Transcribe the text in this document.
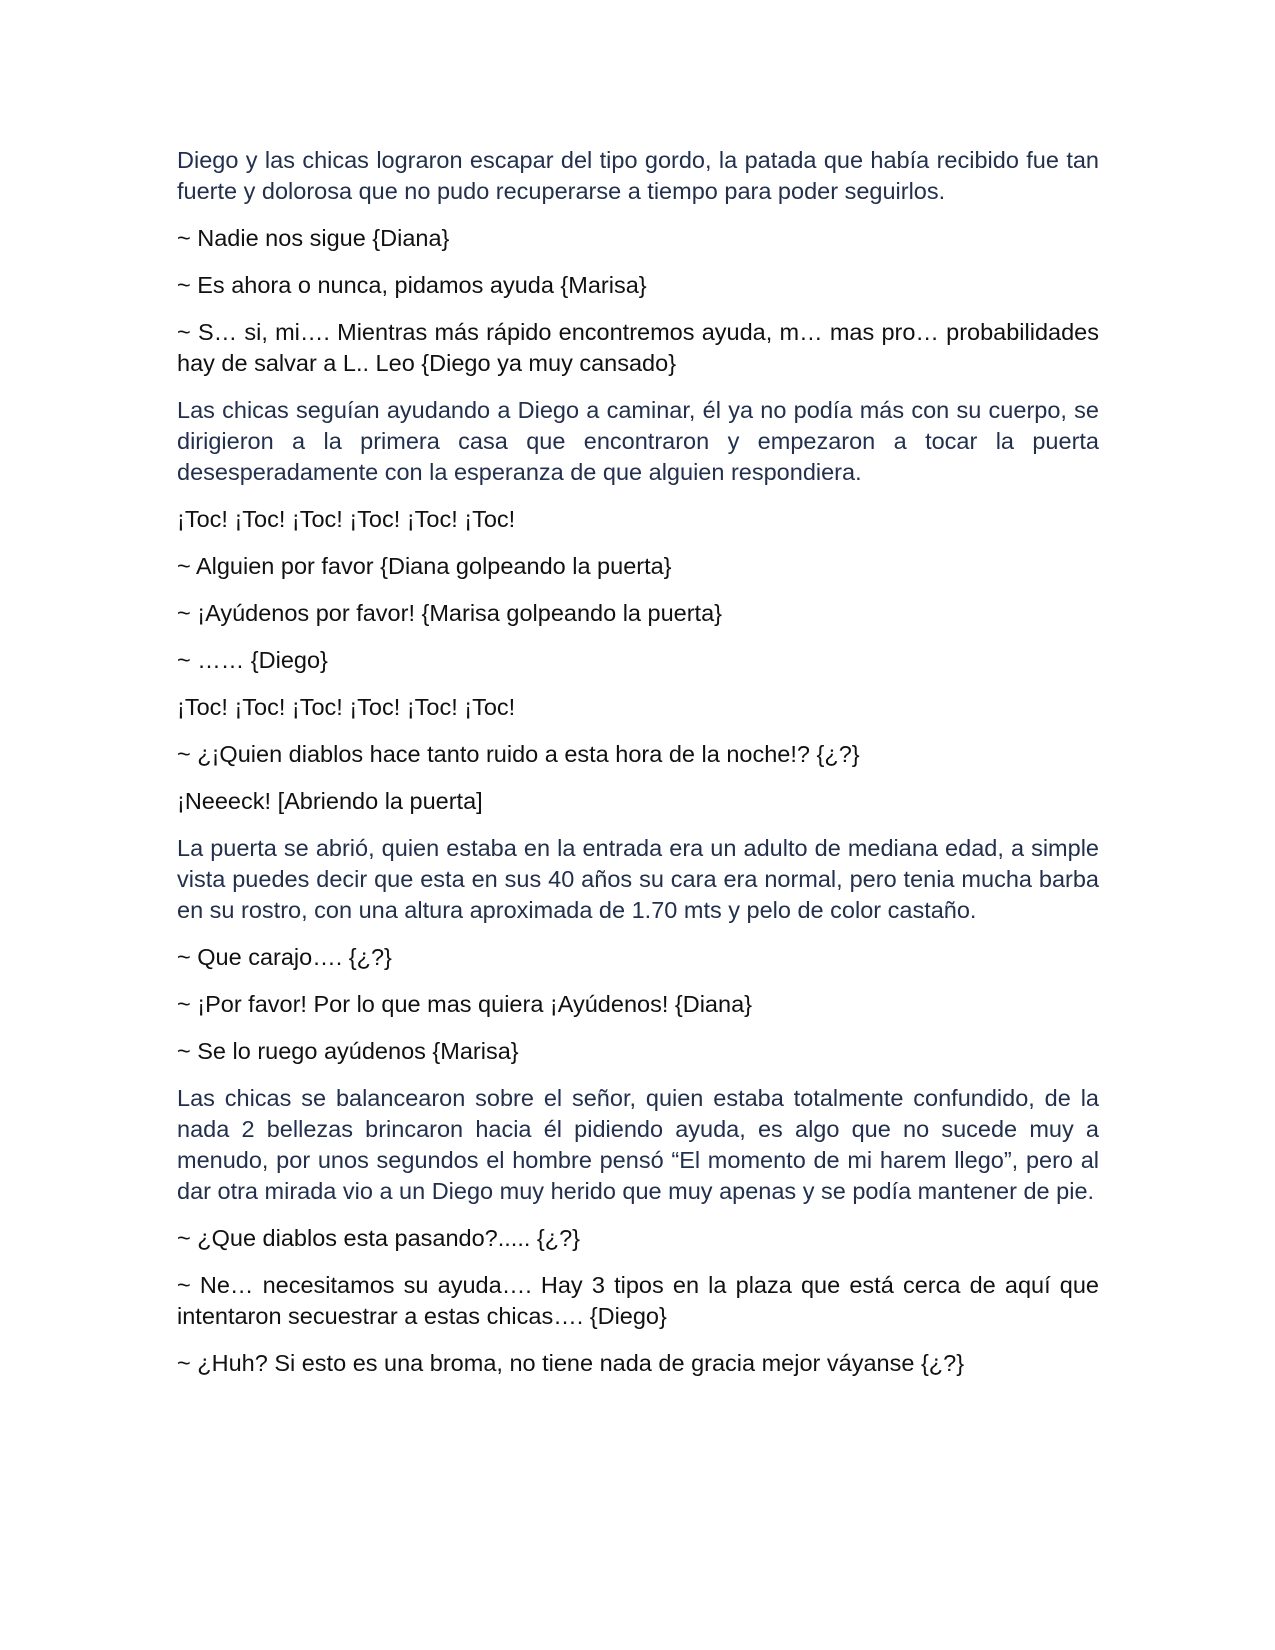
Diego y las chicas lograron escapar del tipo gordo, la patada que había recibido fue tan fuerte y dolorosa que no pudo recuperarse a tiempo para poder seguirlos.

~ Nadie nos sigue {Diana}

~ Es ahora o nunca, pidamos ayuda {Marisa}

~ S… si, mi…. Mientras más rápido encontremos ayuda, m… mas pro… probabilidades hay de salvar a L.. Leo {Diego ya muy cansado}

Las chicas seguían ayudando a Diego a caminar, él ya no podía más con su cuerpo, se dirigieron a la primera casa que encontraron y empezaron a tocar la puerta desesperadamente con la esperanza de que alguien respondiera.

¡Toc! ¡Toc! ¡Toc! ¡Toc! ¡Toc! ¡Toc!

~ Alguien por favor {Diana golpeando la puerta}

~ ¡Ayúdenos por favor! {Marisa golpeando la puerta}

~ …… {Diego}

¡Toc! ¡Toc! ¡Toc! ¡Toc! ¡Toc! ¡Toc!

~ ¿¡Quien diablos hace tanto ruido a esta hora de la noche!? {¿?}

¡Neeeck! [Abriendo la puerta]

La puerta se abrió, quien estaba en la entrada era un adulto de mediana edad, a simple vista puedes decir que esta en sus 40 años su cara era normal, pero tenia mucha barba en su rostro, con una altura aproximada de 1.70 mts y pelo de color castaño.

~ Que carajo…. {¿?}

~ ¡Por favor! Por lo que mas quiera ¡Ayúdenos! {Diana}

~ Se lo ruego ayúdenos {Marisa}

Las chicas se balancearon sobre el señor, quien estaba totalmente confundido, de la nada 2 bellezas brincaron hacia él pidiendo ayuda, es algo que no sucede muy a menudo, por unos segundos el hombre pensó “El momento de mi harem llego”, pero al dar otra mirada vio a un Diego muy herido que muy apenas y se podía mantener de pie.

~ ¿Que diablos esta pasando?..... {¿?}

~ Ne… necesitamos su ayuda…. Hay 3 tipos en la plaza que está cerca de aquí que intentaron secuestrar a estas chicas…. {Diego}

~ ¿Huh? Si esto es una broma, no tiene nada de gracia mejor váyanse {¿?}
